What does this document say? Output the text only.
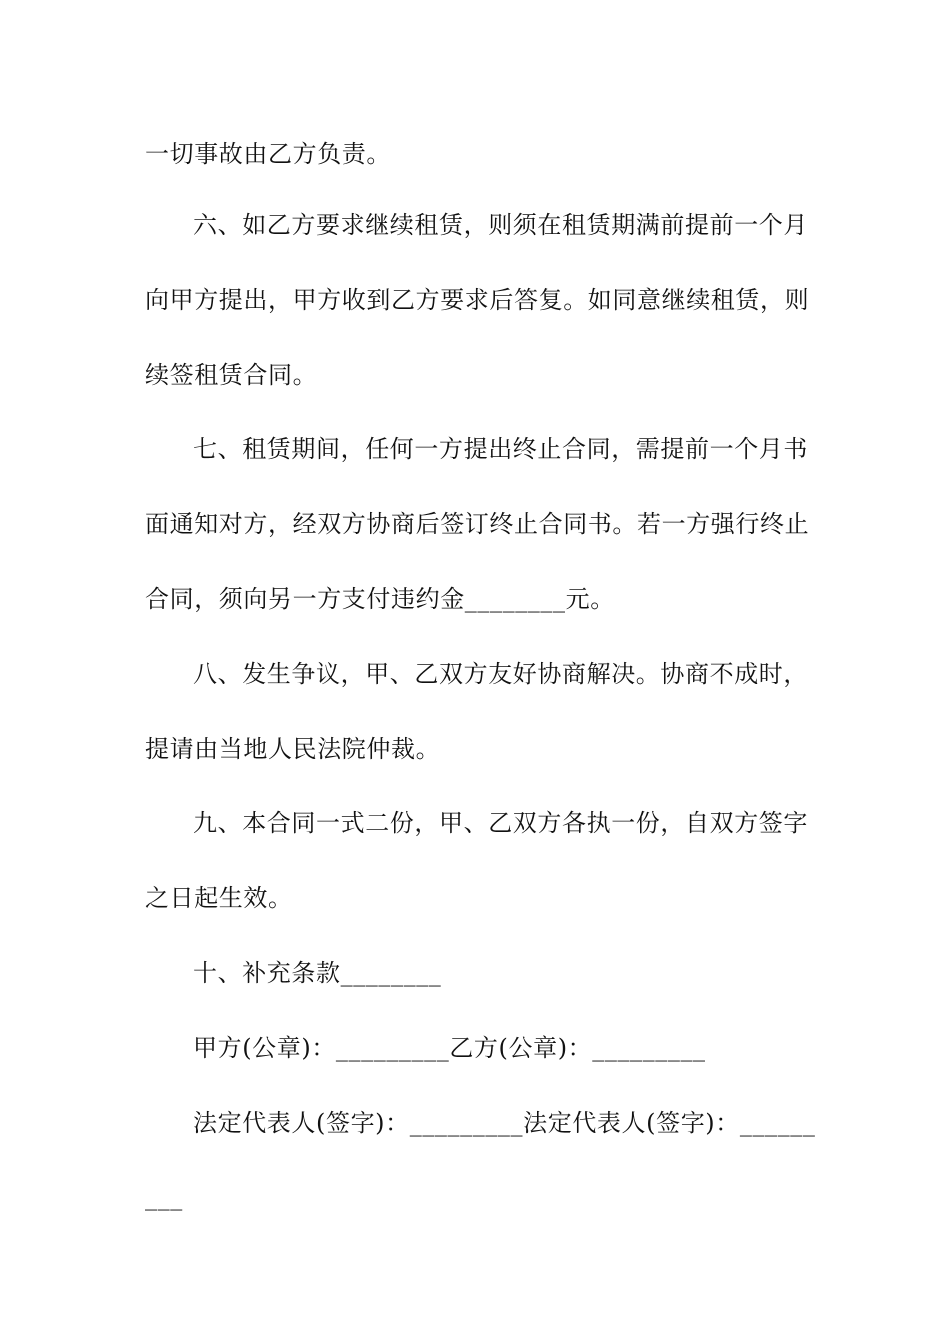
一切事故由乙方负责。
六、如乙方要求继续租赁，则须在租赁期满前提前一个月
向甲方提出，甲方收到乙方要求后答复。如同意继续租赁，则
续签租赁合同。
七、租赁期间，任何一方提出终止合同，需提前一个月书
面通知对方，经双方协商后签订终止合同书。若一方强行终止
合同，须向另一方支付违约金________元。
八、发生争议，甲、乙双方友好协商解决。协商不成时，
提请由当地人民法院仲裁。
九、本合同一式二份，甲、乙双方各执一份，自双方签字
之日起生效。
十、补充条款________
甲方(公章)：_________乙方(公章)：_________
法定代表人(签字)：_________法定代表人(签字)：______
___
